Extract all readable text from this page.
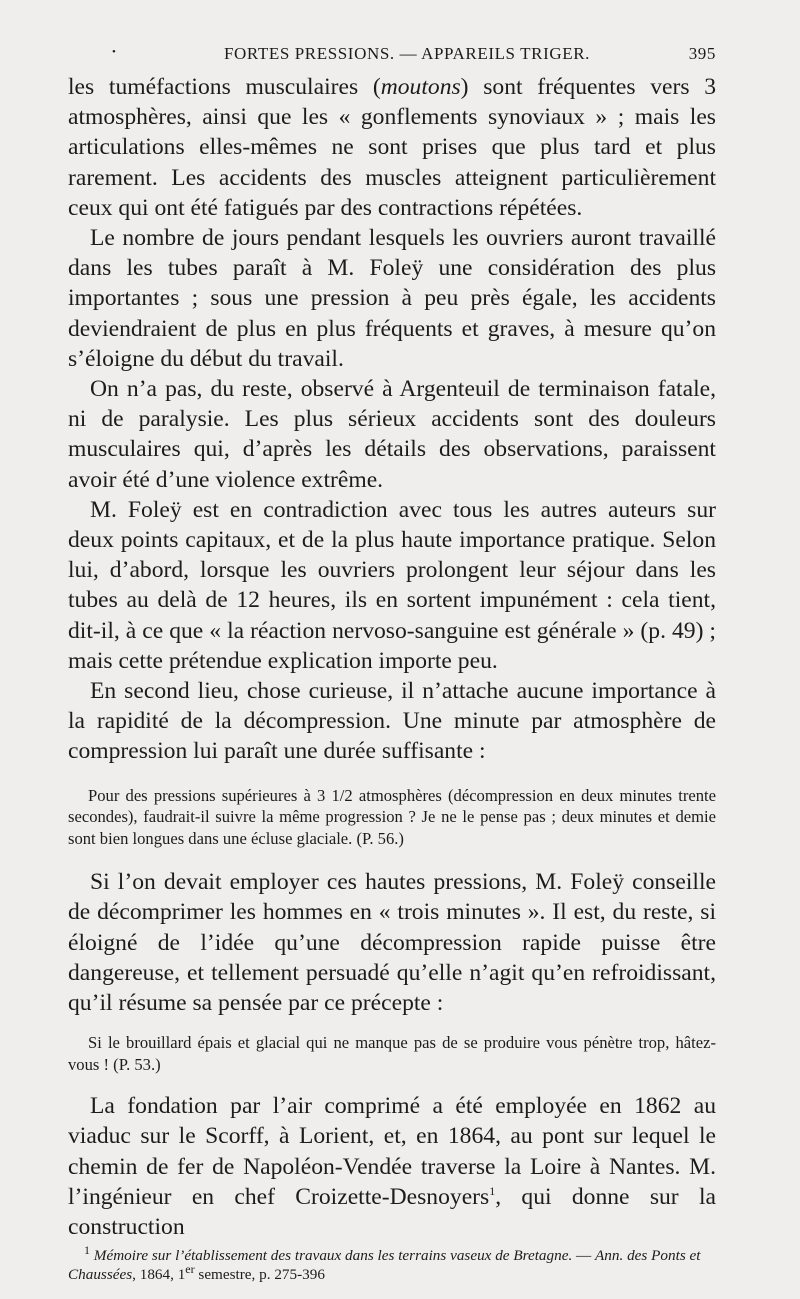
•	FORTES PRESSIONS. — APPAREILS TRIGER.	395

les tuméfactions musculaires (moutons) sont fréquentes vers 3 atmosphères, ainsi que les « gonflements synoviaux » ; mais les articulations elles-mêmes ne sont prises que plus tard et plus rarement. Les accidents des muscles atteignent particulièrement ceux qui ont été fatigués par des contractions répétées.

Le nombre de jours pendant lesquels les ouvriers auront travaillé dans les tubes paraît à M. Foleÿ une considération des plus importantes ; sous une pression à peu près égale, les accidents deviendraient de plus en plus fréquents et graves, à mesure qu’on s’éloigne du début du travail.

On n’a pas, du reste, observé à Argenteuil de terminaison fatale, ni de paralysie. Les plus sérieux accidents sont des douleurs musculaires qui, d’après les détails des observations, paraissent avoir été d’une violence extrême.

M. Foleÿ est en contradiction avec tous les autres auteurs sur deux points capitaux, et de la plus haute importance pratique. Selon lui, d’abord, lorsque les ouvriers prolongent leur séjour dans les tubes au delà de 12 heures, ils en sortent impunément : cela tient, dit-il, à ce que « la réaction nervoso-sanguine est générale » (p. 49) ; mais cette prétendue explication importe peu.

En second lieu, chose curieuse, il n’attache aucune importance à la rapidité de la décompression. Une minute par atmosphère de compression lui paraît une durée suffisante :

Pour des pressions supérieures à 3 1/2 atmosphères (décompression en deux minutes trente secondes), faudrait-il suivre la même progression ? Je ne le pense pas ; deux minutes et demie sont bien longues dans une écluse glaciale. (P. 56.)

Si l’on devait employer ces hautes pressions, M. Foleÿ conseille de décomprimer les hommes en « trois minutes ». Il est, du reste, si éloigné de l’idée qu’une décompression rapide puisse être dangereuse, et tellement persuadé qu’elle n’agit qu’en refroidissant, qu’il résume sa pensée par ce précepte :

Si le brouillard épais et glacial qui ne manque pas de se produire vous pénètre trop, hâtez-vous ! (P. 53.)

La fondation par l’air comprimé a été employée en 1862 au viaduc sur le Scorff, à Lorient, et, en 1864, au pont sur lequel le chemin de fer de Napoléon-Vendée traverse la Loire à Nantes. M. l’ingénieur en chef Croizette-Desnoyers$^1$, qui donne sur la construction

$^1$ Mémoire sur l’établissement des travaux dans les terrains vaseux de Bretagne. — Ann. des Ponts et Chaussées, 1864, 1er semestre, p. 275-396
